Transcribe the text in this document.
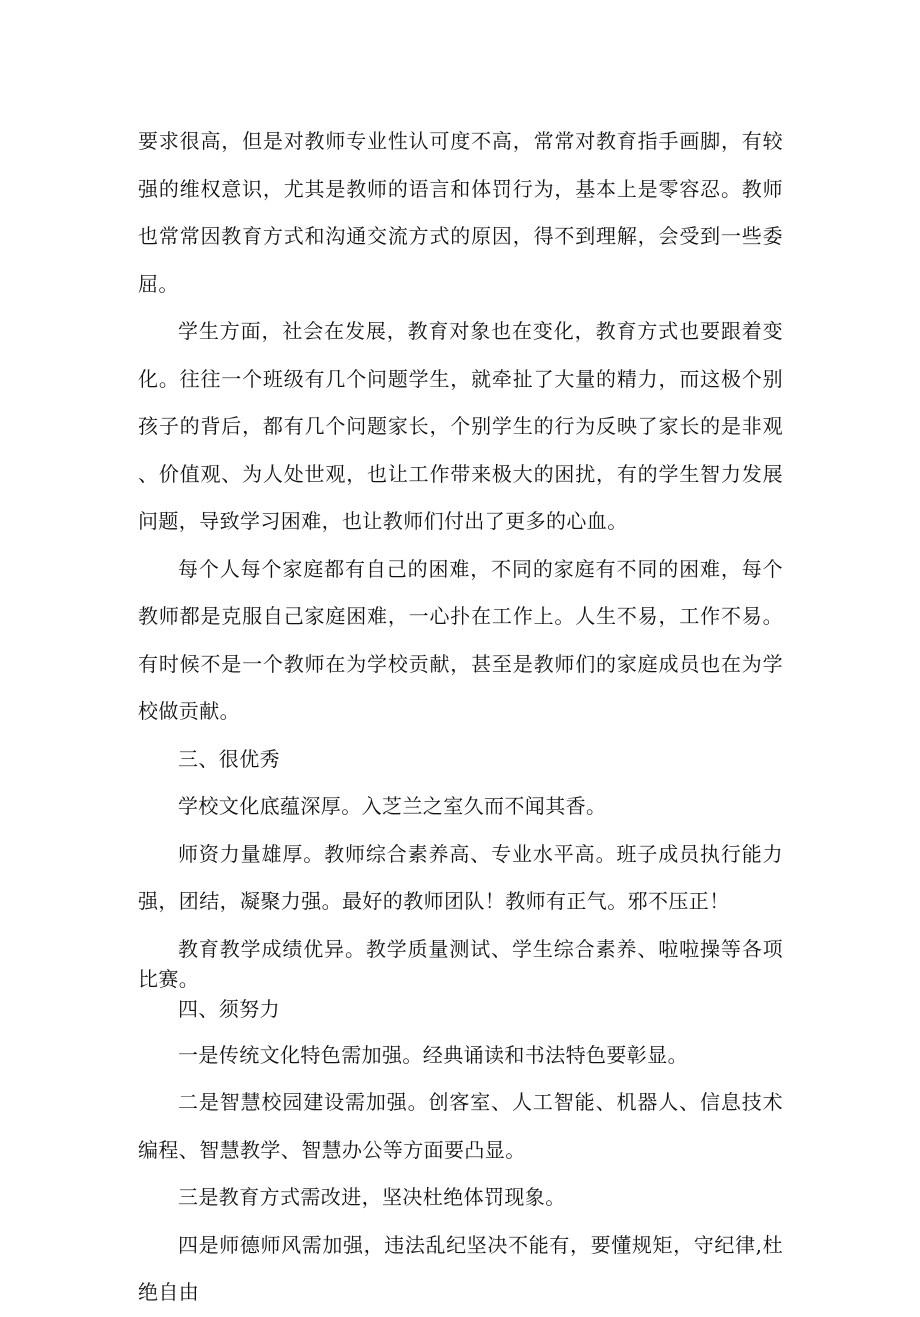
要求很高，但是对教师专业性认可度不高，常常对教育指手画脚，有较强的维权意识，尤其是教师的语言和体罚行为，基本上是零容忍。教师也常常因教育方式和沟通交流方式的原因，得不到理解，会受到一些委屈。

学生方面，社会在发展，教育对象也在变化，教育方式也要跟着变化。往往一个班级有几个问题学生，就牵扯了大量的精力，而这极个别孩子的背后，都有几个问题家长，个别学生的行为反映了家长的是非观、价值观、为人处世观，也让工作带来极大的困扰，有的学生智力发展问题，导致学习困难，也让教师们付出了更多的心血。

每个人每个家庭都有自己的困难，不同的家庭有不同的困难，每个教师都是克服自己家庭困难，一心扑在工作上。人生不易，工作不易。有时候不是一个教师在为学校贡献，甚至是教师们的家庭成员也在为学校做贡献。

三、很优秀

学校文化底蕴深厚。入芝兰之室久而不闻其香。

师资力量雄厚。教师综合素养高、专业水平高。班子成员执行能力强，团结，凝聚力强。最好的教师团队！教师有正气。邪不压正！

教育教学成绩优异。教学质量测试、学生综合素养、啦啦操等各项比赛。

四、须努力

一是传统文化特色需加强。经典诵读和书法特色要彰显。

二是智慧校园建设需加强。创客室、人工智能、机器人、信息技术编程、智慧教学、智慧办公等方面要凸显。

三是教育方式需改进，坚决杜绝体罚现象。

四是师德师风需加强，违法乱纪坚决不能有，要懂规矩，守纪律,杜绝自由
